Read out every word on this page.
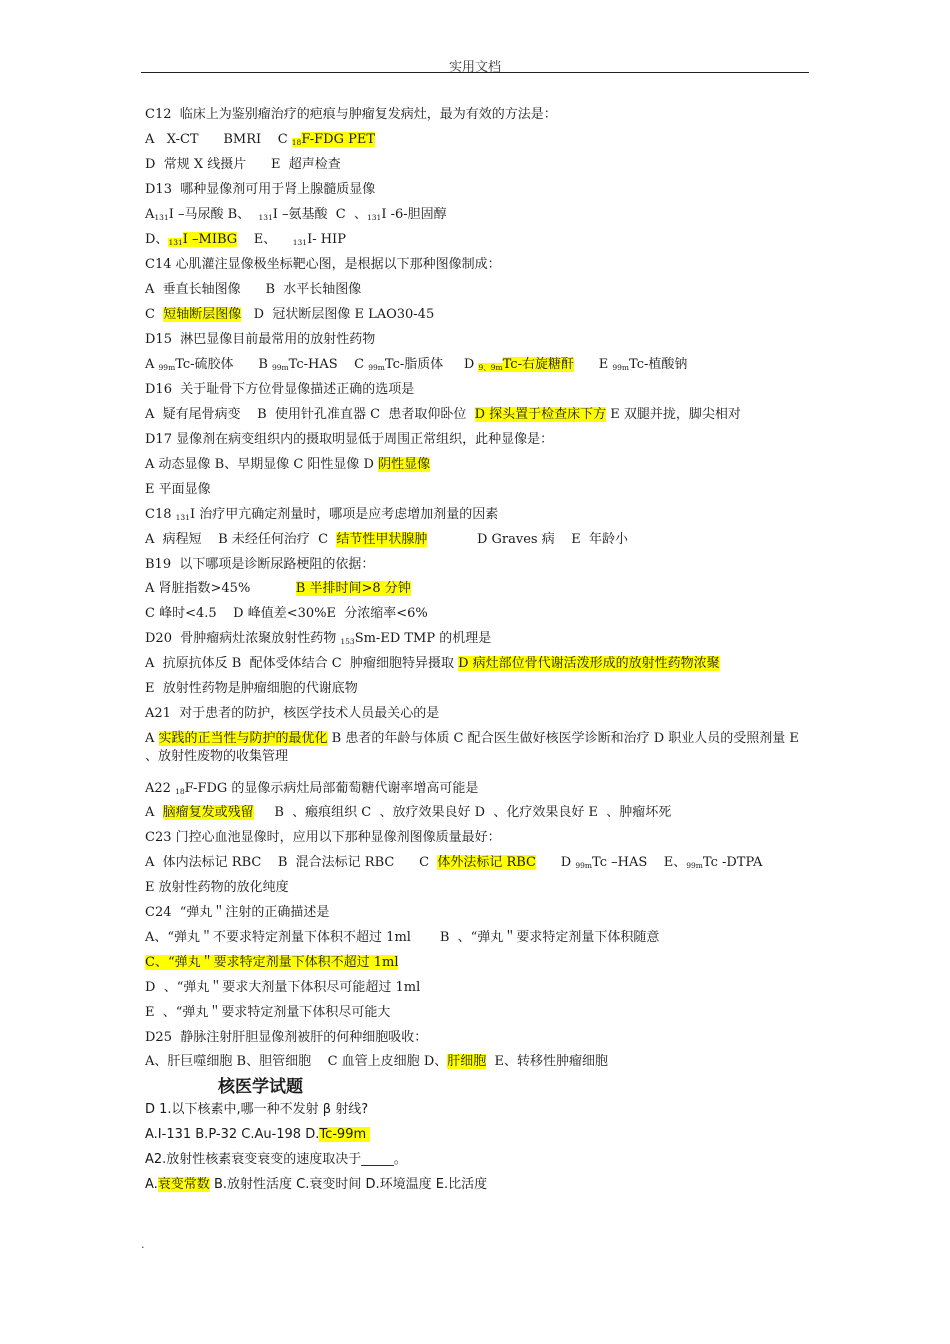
实用文档
C12  临床上为鉴别瘤治疗的疤痕与肿瘤复发病灶，最为有效的方法是：
A   X-CT      BMRI    C $_{18}$F-FDG PET
D  常规 X 线摄片      E  超声检查
D13  哪种显像剂可用于肾上腺髓质显像
$A_{131}I$ –马尿酸 B、  $_{131}$I –氨基酸  C  、$_{131}$I -6-胆固醇
D、$_{131}$I –MIBG    E、    $_{131}$I- HIP
C14 心肌灌注显像极坐标靶心图，是根据以下那种图像制成：
A  垂直长轴图像      B  水平长轴图像
C  短轴断层图像   D  冠状断层图像 E LAO30-45
D15  淋巴显像目前最常用的放射性药物
A $_{99m}$Tc-硫胶体      B $_{99m}$Tc-HAS    C $_{99m}$Tc-脂质体     D $_{9、9m}$Tc-右旋糖酐      E $_{99m}$Tc-植酸钠
D16  关于耻骨下方位骨显像描述正确的选项是
A  疑有尾骨病变    B  使用针孔准直器 C  患者取仰卧位  D 探头置于检查床下方 E 双腿并拢，脚尖相对
D17 显像剂在病变组织内的摄取明显低于周围正常组织，此种显像是：
A 动态显像 B、早期显像 C 阳性显像 D 阴性显像
E 平面显像
C18 $_{131}$I 治疗甲亢确定剂量时，哪项是应考虑增加剂量的因素
A  病程短    B 未经任何治疗  C  结节性甲状腺肿            D Graves 病    E  年龄小
B19  以下哪项是诊断尿路梗阻的依据：
A 肾脏指数>45%           B 半排时间>8 分钟
C 峰时<4.5    D 峰值差<30%E  分浓缩率<6%
D20  骨肿瘤病灶浓聚放射性药物 $_{153}$Sm-ED TMP 的机理是
A  抗原抗体反 B  配体受体结合 C  肿瘤细胞特异摄取 D 病灶部位骨代谢活泼形成的放射性药物浓聚
E  放射性药物是肿瘤细胞的代谢底物
A21  对于患者的防护，核医学技术人员最关心的是
A 实践的正当性与防护的最优化 B 患者的年龄与体质 C 配合医生做好核医学诊断和治疗 D 职业人员的受照剂量 E 、放射性废物的收集管理
A22 $_{18}$F-FDG 的显像示病灶局部葡萄糖代谢率增高可能是
A  脑瘤复发或残留     B  、瘢痕组织 C  、放疗效果良好 D  、化疗效果良好 E  、肿瘤坏死
C23 门控心血池显像时，应用以下那种显像剂图像质量最好：
A  体内法标记 RBC    B  混合法标记 RBC      C  体外法标记 RBC      D $_{99m}$Tc –HAS    E、$_{99m}$Tc -DTPA
E 放射性药物的放化纯度
C24  “弹丸＂注射的正确描述是
A、“弹丸＂不要求特定剂量下体积不超过 1ml       B  、“弹丸＂要求特定剂量下体积随意
C、“弹丸＂要求特定剂量下体积不超过 1ml
D  、“弹丸＂要求大剂量下体积尽可能超过 1ml
E  、“弹丸＂要求特定剂量下体积尽可能大
D25  静脉注射肝胆显像剂被肝的何种细胞吸收：
A、肝巨噬细胞 B、胆管细胞    C 血管上皮细胞 D、肝细胞  E、转移性肿瘤细胞
D 1.以下核素中,哪一种不发射 β 射线?
A.I-131 B.P-32 C.Au-198 D.Tc-99m
A2.放射性核素衰变衰变的速度取决于_____。
A.衰变常数 B.放射性活度 C.衰变时间 D.环境温度 E.比活度
核医学试题
.
